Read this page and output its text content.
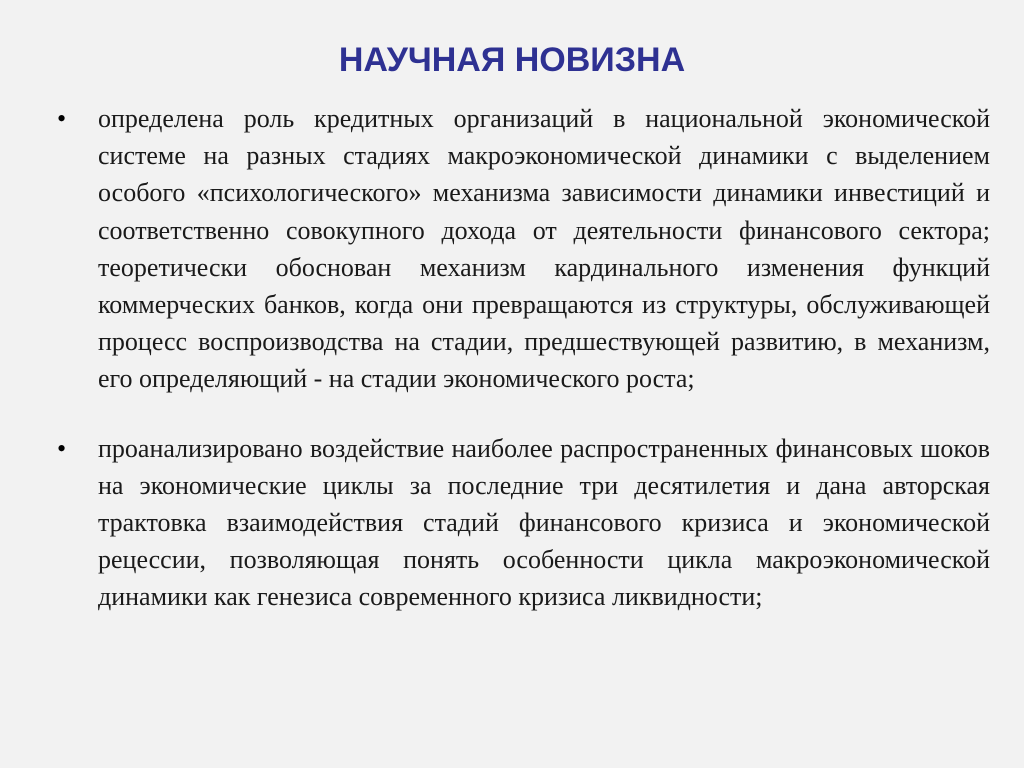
НАУЧНАЯ НОВИЗНА
• определена роль кредитных организаций в национальной экономической системе на разных стадиях макроэкономической динамики с выделением особого «психологического» механизма зависимости динамики инвестиций и соответственно совокупного дохода от деятельности финансового сектора; теоретически обоснован механизм кардинального изменения функций коммерческих банков, когда они превращаются из структуры, обслуживающей процесс воспроизводства на стадии, предшествующей развитию, в механизм, его определяющий - на стадии экономического роста;
• проанализировано воздействие наиболее распространенных финансовых шоков на экономические циклы за последние три десятилетия и дана авторская трактовка взаимодействия стадий финансового кризиса и экономической рецессии, позволяющая понять особенности цикла макроэкономической динамики как генезиса современного кризиса ликвидности;
